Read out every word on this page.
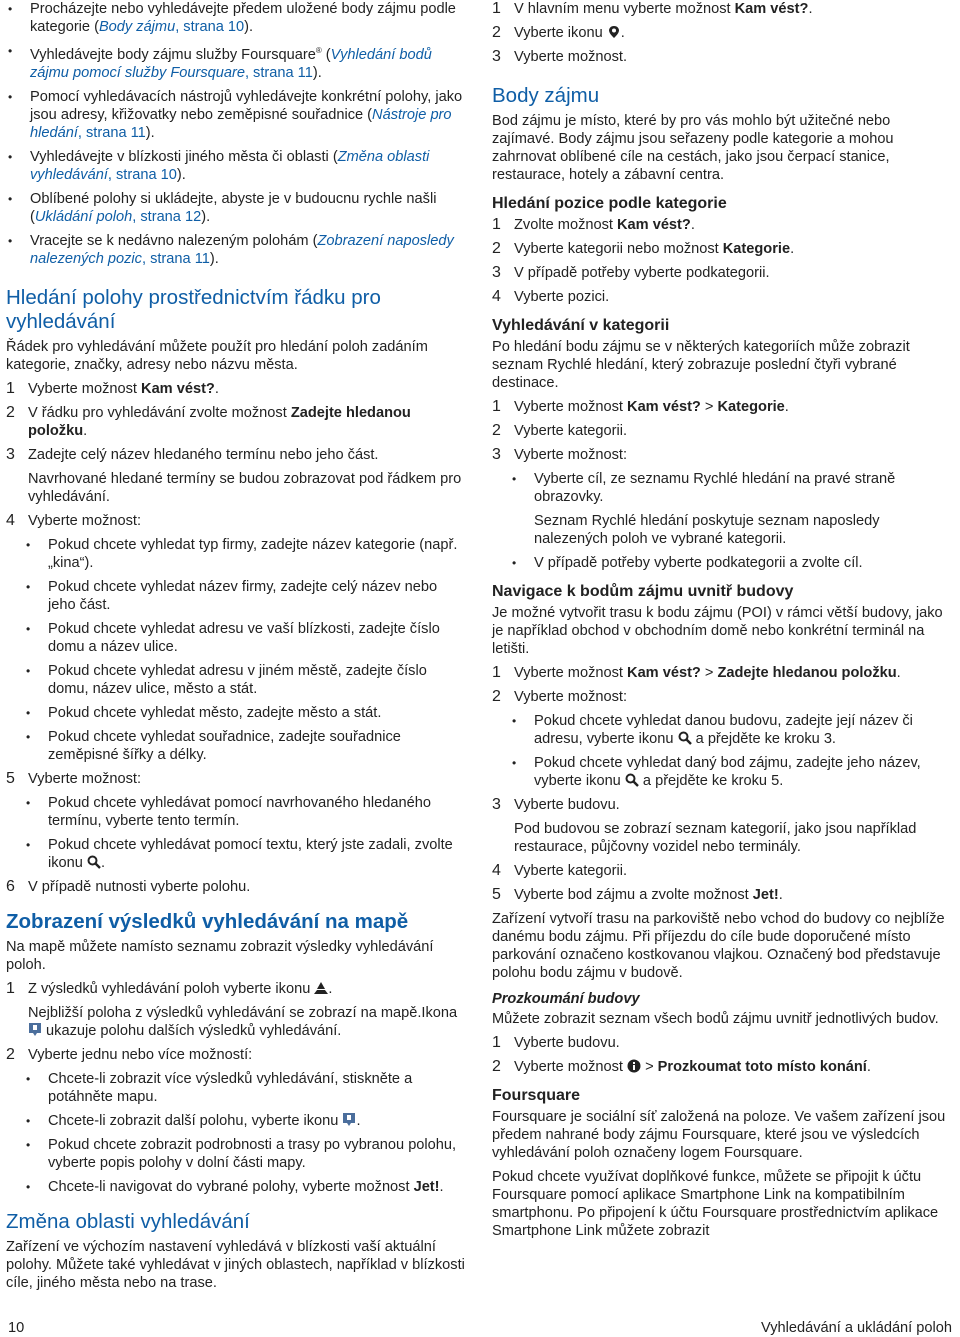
• Procházejte nebo vyhledávejte předem uložené body zájmu podle kategorie (Body zájmu, strana 10).
• Vyhledávejte body zájmu služby Foursquare® (Vyhledání bodů zájmu pomocí služby Foursquare, strana 11).
• Pomocí vyhledávacích nástrojů vyhledávejte konkrétní polohy, jako jsou adresy, křižovatky nebo zeměpisné souřadnice (Nástroje pro hledání, strana 11).
• Vyhledávejte v blízkosti jiného města či oblasti (Změna oblasti vyhledávání, strana 10).
• Oblíbené polohy si ukládejte, abyste je v budoucnu rychle našli (Ukládání poloh, strana 12).
• Vracejte se k nedávno nalezeným polohám (Zobrazení naposledy nalezených pozic, strana 11).
Hledání polohy prostřednictvím řádku pro vyhledávání

Řádek pro vyhledávání můžete použít pro hledání poloh zadáním kategorie, značky, adresy nebo názvu města.

1 Vyberte možnost Kam vést?.
2 V řádku pro vyhledávání zvolte možnost Zadejte hledanou položku.
3 Zadejte celý název hledaného termínu nebo jeho část.

Navrhované hledané termíny se budou zobrazovat pod řádkem pro vyhledávání.

4 Vyberte možnost:
• Pokud chcete vyhledat typ firmy, zadejte název kategorie (např. „kina“).
• Pokud chcete vyhledat název firmy, zadejte celý název nebo jeho část.
• Pokud chcete vyhledat adresu ve vaší blízkosti, zadejte číslo domu a název ulice.
• Pokud chcete vyhledat adresu v jiném městě, zadejte číslo domu, název ulice, město a stát.
• Pokud chcete vyhledat město, zadejte město a stát.
• Pokud chcete vyhledat souřadnice, zadejte souřadnice zeměpisné šířky a délky.
5 Vyberte možnost:
• Pokud chcete vyhledávat pomocí navrhovaného hledaného termínu, vyberte tento termín.
• Pokud chcete vyhledávat pomocí textu, který jste zadali, zvolte ikonu .
6 V případě nutnosti vyberte polohu.
Zobrazení výsledků vyhledávání na mapě

Na mapě můžete namísto seznamu zobrazit výsledky vyhledávání poloh.

1 Z výsledků vyhledávání poloh vyberte ikonu .

Nejbližší poloha z výsledků vyhledávání se zobrazí na mapě.Ikona  ukazuje polohu dalších výsledků vyhledávání.

2 Vyberte jednu nebo více možností:
• Chcete-li zobrazit více výsledků vyhledávání, stiskněte a potáhněte mapu.
• Chcete-li zobrazit další polohu, vyberte ikonu .
• Pokud chcete zobrazit podrobnosti a trasy po vybranou polohu, vyberte popis polohy v dolní části mapy.
• Chcete-li navigovat do vybrané polohy, vyberte možnost Jet!.
Změna oblasti vyhledávání

Zařízení ve výchozím nastavení vyhledává v blízkosti vaší aktuální polohy. Můžete také vyhledávat v jiných oblastech, například v blízkosti cíle, jiného města nebo na trase.

1 V hlavním menu vyberte možnost Kam vést?.
2 Vyberte ikonu .
3 Vyberte možnost.
Body zájmu

Bod zájmu je místo, které by pro vás mohlo být užitečné nebo zajímavé. Body zájmu jsou seřazeny podle kategorie a mohou zahrnovat oblíbené cíle na cestách, jako jsou čerpací stanice, restaurace, hotely a zábavní centra.

Hledání pozice podle kategorie
1 Zvolte možnost Kam vést?.
2 Vyberte kategorii nebo možnost Kategorie.
3 V případě potřeby vyberte podkategorii.
4 Vyberte pozici.
Vyhledávání v kategorii

Po hledání bodu zájmu se v některých kategoriích může zobrazit seznam Rychlé hledání, který zobrazuje poslední čtyři vybrané destinace.

1 Vyberte možnost Kam vést? > Kategorie.
2 Vyberte kategorii.
3 Vyberte možnost:
• Vyberte cíl, ze seznamu Rychlé hledání na pravé straně obrazovky.

Seznam Rychlé hledání poskytuje seznam naposledy nalezených poloh ve vybrané kategorii.

• V případě potřeby vyberte podkategorii a zvolte cíl.
Navigace k bodům zájmu uvnitř budovy

Je možné vytvořit trasu k bodu zájmu (POI) v rámci větší budovy, jako je například obchod v obchodním domě nebo konkrétní terminál na letišti.

1 Vyberte možnost Kam vést? > Zadejte hledanou položku.
2 Vyberte možnost:
• Pokud chcete vyhledat danou budovu, zadejte její název či adresu, vyberte ikonu  a přejděte ke kroku 3.
• Pokud chcete vyhledat daný bod zájmu, zadejte jeho název, vyberte ikonu  a přejděte ke kroku 5.
3 Vyberte budovu.

Pod budovou se zobrazí seznam kategorií, jako jsou například restaurace, půjčovny vozidel nebo terminály.

4 Vyberte kategorii.
5 Vyberte bod zájmu a zvolte možnost Jet!.

Zařízení vytvoří trasu na parkoviště nebo vchod do budovy co nejblíže danému bodu zájmu. Při příjezdu do cíle bude doporučené místo parkování označeno kostkovanou vlajkou. Označený bod představuje polohu bodu zájmu v budově.

Prozkoumání budovy

Můžete zobrazit seznam všech bodů zájmu uvnitř jednotlivých budov.

1 Vyberte budovu.
2 Vyberte možnost  > Prozkoumat toto místo konání.
Foursquare

Foursquare je sociální síť založená na poloze. Ve vašem zařízení jsou předem nahrané body zájmu Foursquare, které jsou ve výsledcích vyhledávání poloh označeny logem Foursquare.

Pokud chcete využívat doplňkové funkce, můžete se připojit k účtu Foursquare pomocí aplikace Smartphone Link na kompatibilním smartphonu. Po připojení k účtu Foursquare prostřednictvím aplikace Smartphone Link můžete zobrazit

10	Vyhledávání a ukládání poloh
